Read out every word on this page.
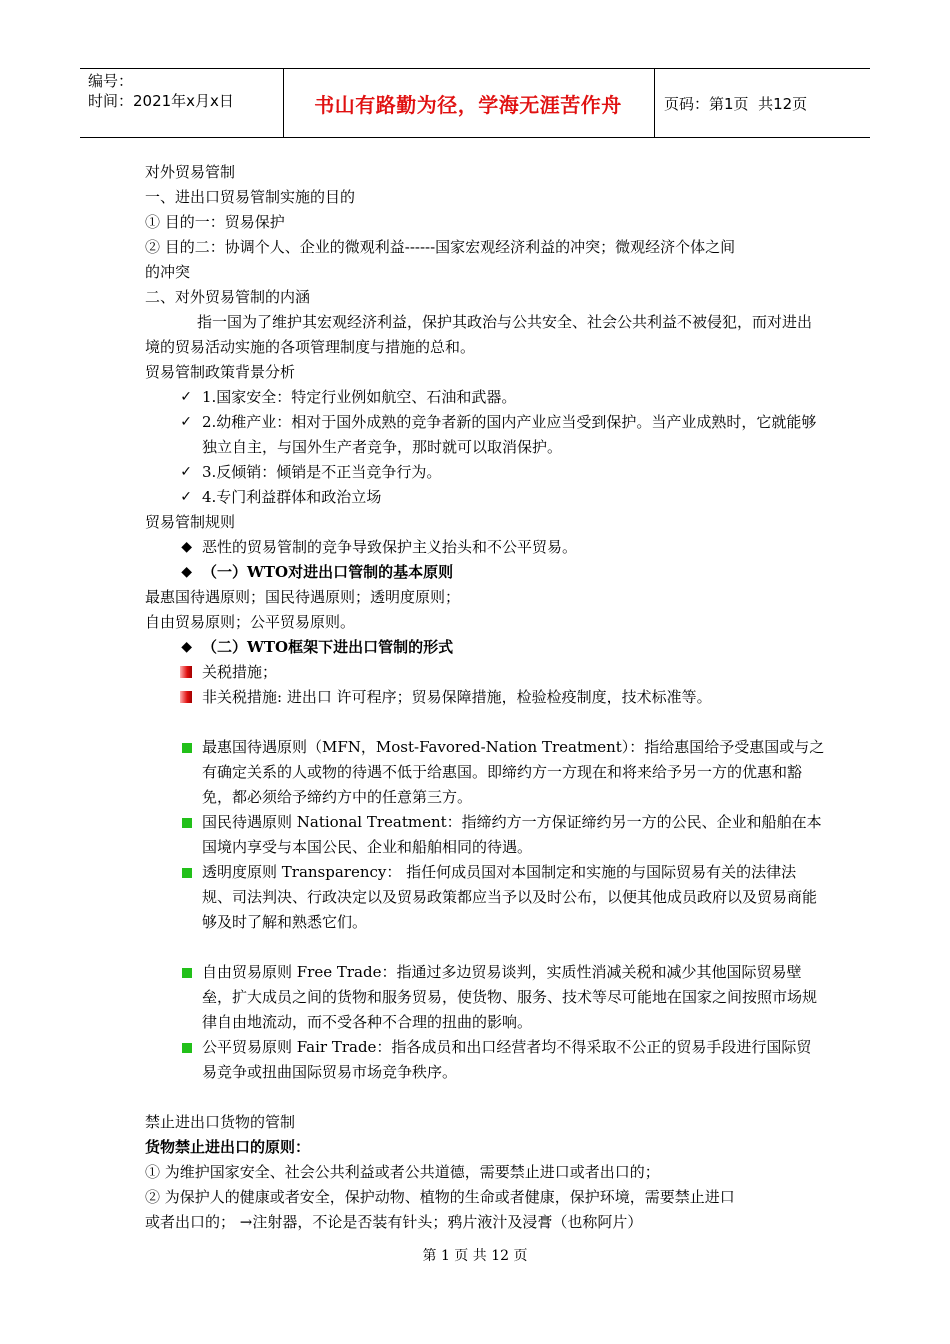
编号：
时间：2021年x月x日	书山有路勤为径，学海无涯苦作舟	页码：第1页  共12页
对外贸易管制
一、进出口贸易管制实施的目的
① 目的一：贸易保护
② 目的二：协调个人、企业的微观利益------国家宏观经济利益的冲突；微观经济个体之间
的冲突
二、对外贸易管制的内涵
指一国为了维护其宏观经济利益，保护其政治与公共安全、社会公共利益不被侵犯，而对进出境的贸易活动实施的各项管理制度与措施的总和。
贸易管制政策背景分析
✓ 1.国家安全：特定行业例如航空、石油和武器。
✓ 2.幼稚产业：相对于国外成熟的竞争者新的国内产业应当受到保护。当产业成熟时，它就能够独立自主，与国外生产者竞争，那时就可以取消保护。
✓ 3.反倾销：倾销是不正当竞争行为。
✓ 4.专门利益群体和政治立场
贸易管制规则
◆ 恶性的贸易管制的竞争导致保护主义抬头和不公平贸易。
◆ （一）WTO对进出口管制的基本原则
最惠国待遇原则；国民待遇原则；透明度原则；
自由贸易原则；公平贸易原则。
◆ （二）WTO框架下进出口管制的形式
关税措施；
非关税措施: 进出口 许可程序；贸易保障措施，检验检疫制度，技术标准等。
最惠国待遇原则（MFN，Most-Favored-Nation Treatment）：指给惠国给予受惠国或与之有确定关系的人或物的待遇不低于给惠国。即缔约方一方现在和将来给予另一方的优惠和豁免，都必须给予缔约方中的任意第三方。
国民待遇原则 National Treatment：指缔约方一方保证缔约另一方的公民、企业和船舶在本国境内享受与本国公民、企业和船舶相同的待遇。
透明度原则 Transparency： 指任何成员国对本国制定和实施的与国际贸易有关的法律法规、司法判决、行政决定以及贸易政策都应当予以及时公布，以便其他成员政府以及贸易商能够及时了解和熟悉它们。
自由贸易原则 Free Trade：指通过多边贸易谈判，实质性消减关税和减少其他国际贸易壁垒，扩大成员之间的货物和服务贸易，使货物、服务、技术等尽可能地在国家之间按照市场规律自由地流动，而不受各种不合理的扭曲的影响。
公平贸易原则 Fair Trade：指各成员和出口经营者均不得采取不公正的贸易手段进行国际贸易竞争或扭曲国际贸易市场竞争秩序。
禁止进出口货物的管制
货物禁止进出口的原则：
① 为维护国家安全、社会公共利益或者公共道德，需要禁止进口或者出口的；
② 为保护人的健康或者安全，保护动物、植物的生命或者健康，保护环境，需要禁止进口
或者出口的； →注射器，不论是否装有针头；鸦片液汁及浸膏（也称阿片）
第 1 页 共 12 页
